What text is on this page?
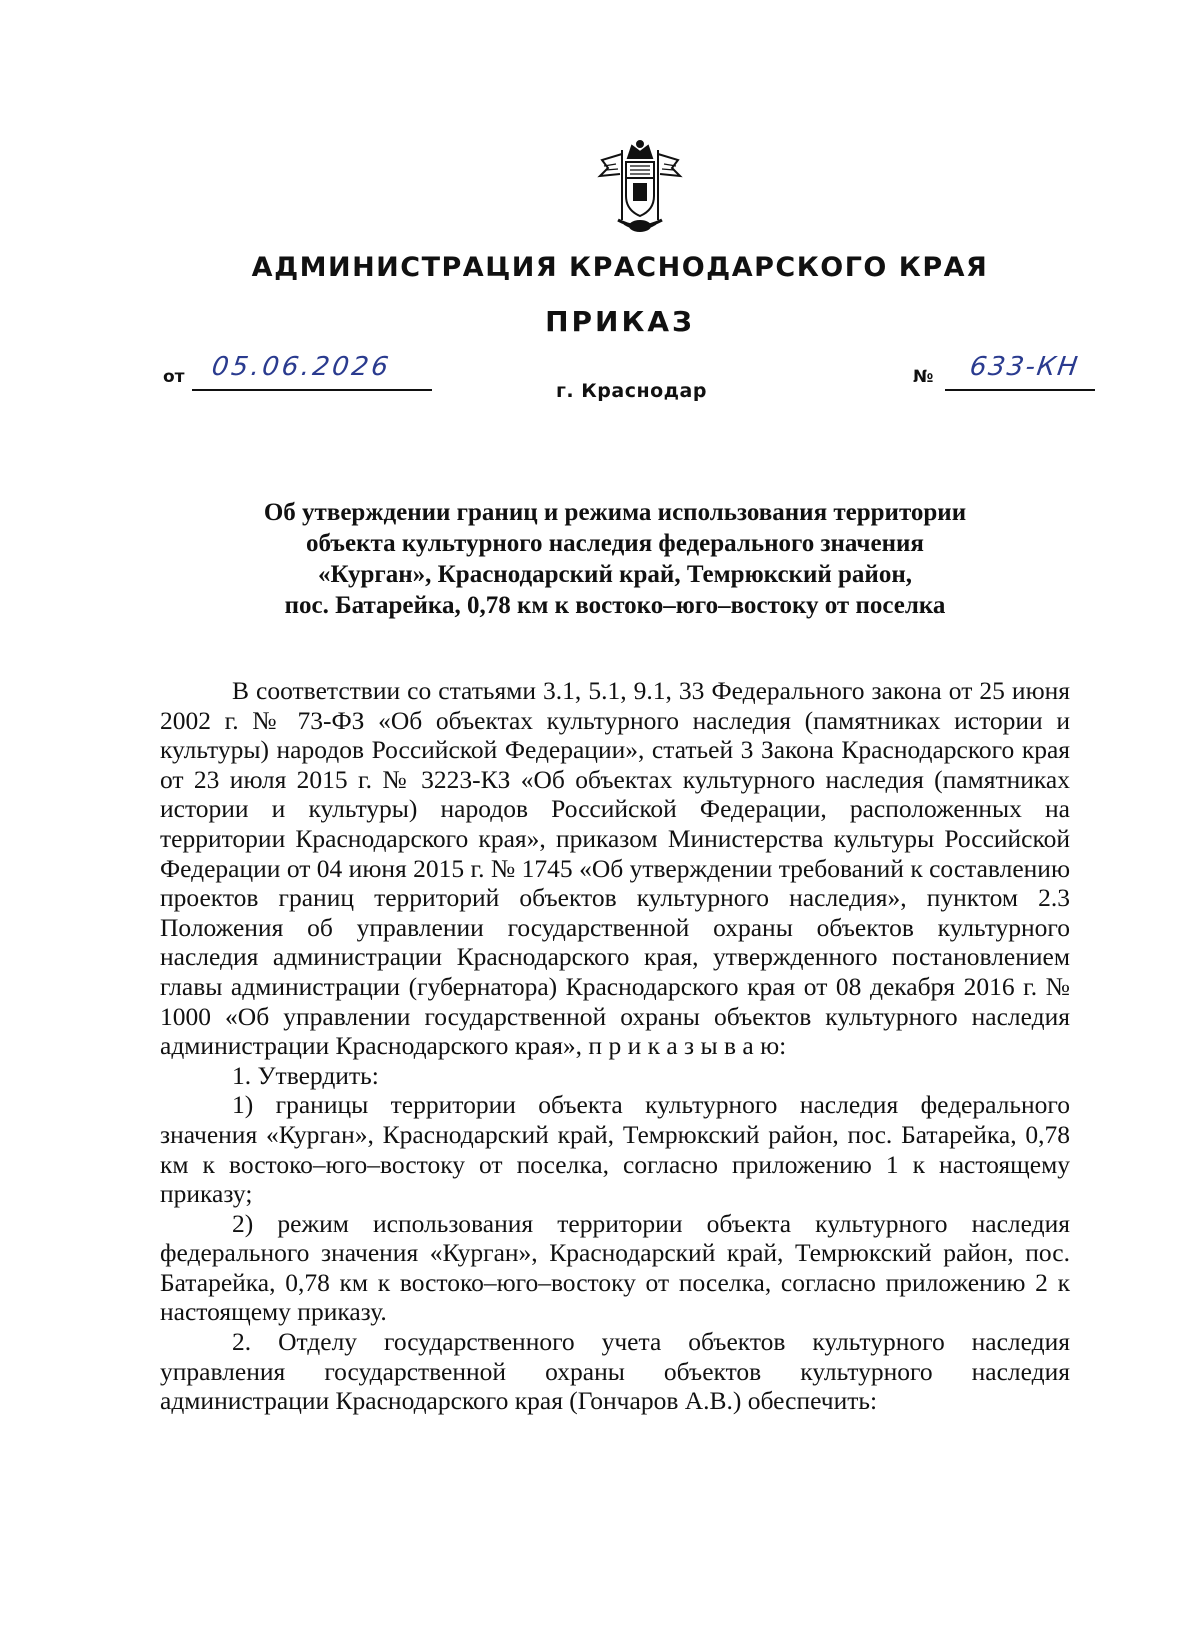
АДМИНИСТРАЦИЯ КРАСНОДАРСКОГО КРАЯ
ПРИКАЗ
от 05.06.2026	№ 633-КН
г. Краснодар
Об утверждении границ и режима использования территории
объекта культурного наследия федерального значения
«Курган», Краснодарский край, Темрюкский район,
пос. Батарейка, 0,78 км к востоко–юго–востоку от поселка

В соответствии со статьями 3.1, 5.1, 9.1, 33 Федерального закона от 25 июня 2002 г. № 73-ФЗ «Об объектах культурного наследия (памятниках истории и культуры) народов Российской Федерации», статьей 3 Закона Краснодарского края от 23 июля 2015 г. № 3223-КЗ «Об объектах культурного наследия (памятниках истории и культуры) народов Российской Федерации, расположенных на территории Краснодарского края», приказом Министерства культуры Российской Федерации от 04 июня 2015 г. № 1745 «Об утверждении требований к составлению проектов границ территорий объектов культурного наследия», пунктом 2.3 Положения об управлении государственной охраны объектов культурного наследия администрации Краснодарского края, утвержденного постановлением главы администрации (губернатора) Краснодарского края от 08 декабря 2016 г. № 1000 «Об управлении государственной охраны объектов культурного наследия администрации Краснодарского края», п р и к а з ы в а ю:

1. Утвердить:

1) границы территории объекта культурного наследия федерального значения «Курган», Краснодарский край, Темрюкский район, пос. Батарейка, 0,78 км к востоко–юго–востоку от поселка, согласно приложению 1 к настоящему приказу;

2) режим использования территории объекта культурного наследия федерального значения «Курган», Краснодарский край, Темрюкский район, пос. Батарейка, 0,78 км к востоко–юго–востоку от поселка, согласно приложению 2 к настоящему приказу.

2. Отделу государственного учета объектов культурного наследия управления государственной охраны объектов культурного наследия администрации Краснодарского края (Гончаров А.В.) обеспечить:
